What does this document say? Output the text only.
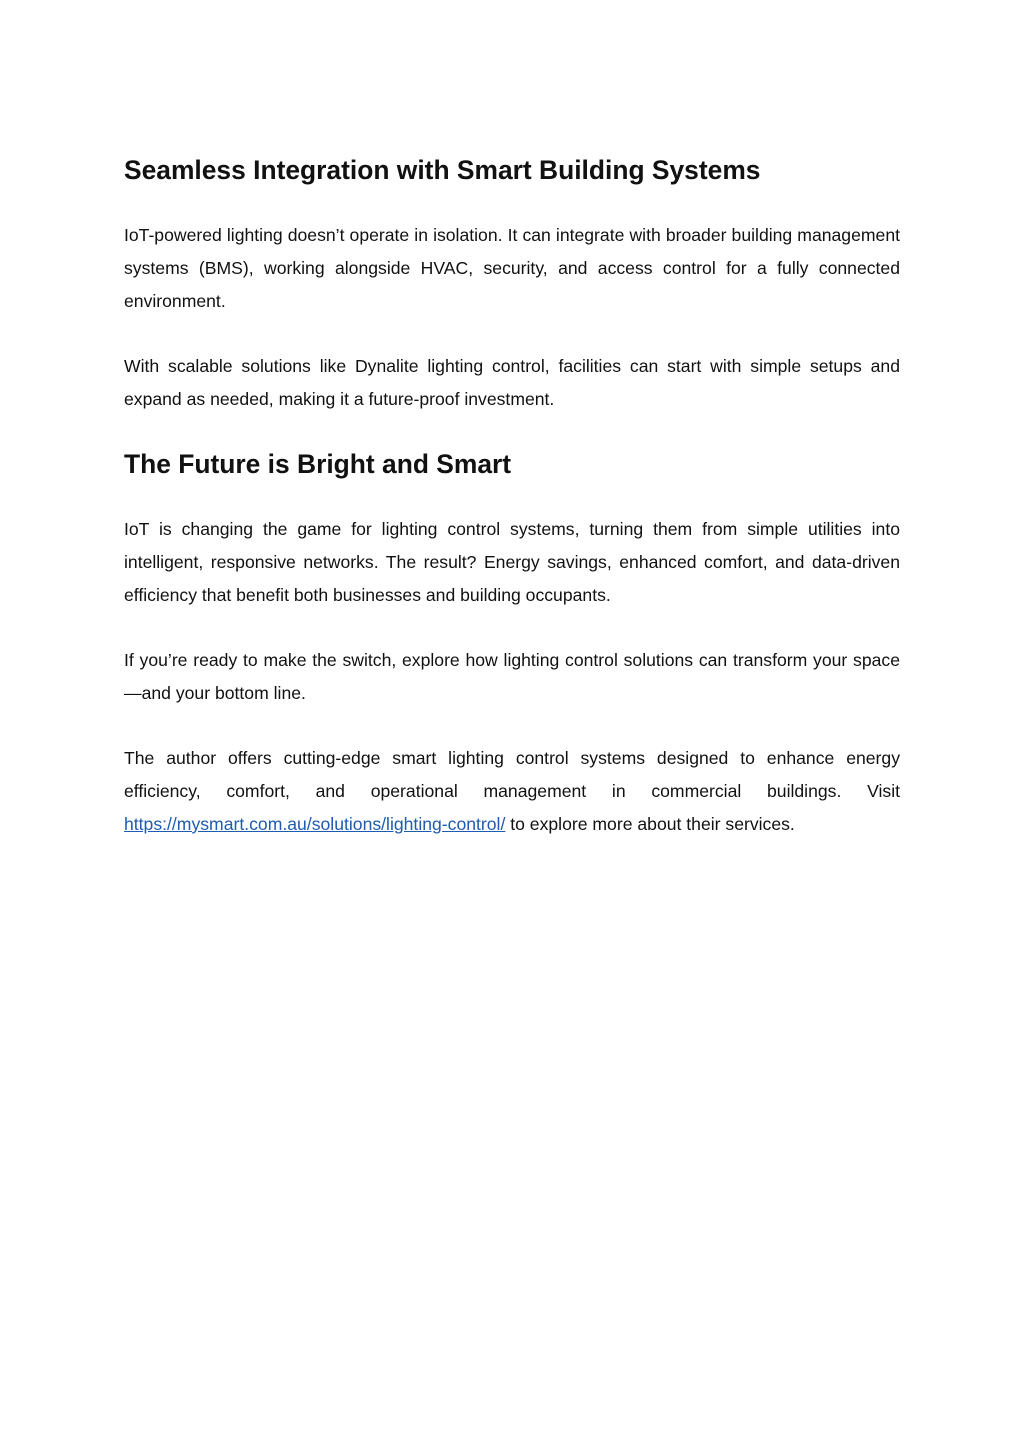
Seamless Integration with Smart Building Systems

IoT-powered lighting doesn’t operate in isolation. It can integrate with broader building management systems (BMS), working alongside HVAC, security, and access control for a fully connected environment.

With scalable solutions like Dynalite lighting control, facilities can start with simple setups and expand as needed, making it a future-proof investment.

The Future is Bright and Smart

IoT is changing the game for lighting control systems, turning them from simple utilities into intelligent, responsive networks. The result? Energy savings, enhanced comfort, and data-driven efficiency that benefit both businesses and building occupants.

If you’re ready to make the switch, explore how lighting control solutions can transform your space—and your bottom line.

The author offers cutting-edge smart lighting control systems designed to enhance energy efficiency, comfort, and operational management in commercial buildings. Visit https://mysmart.com.au/solutions/lighting-control/ to explore more about their services.
